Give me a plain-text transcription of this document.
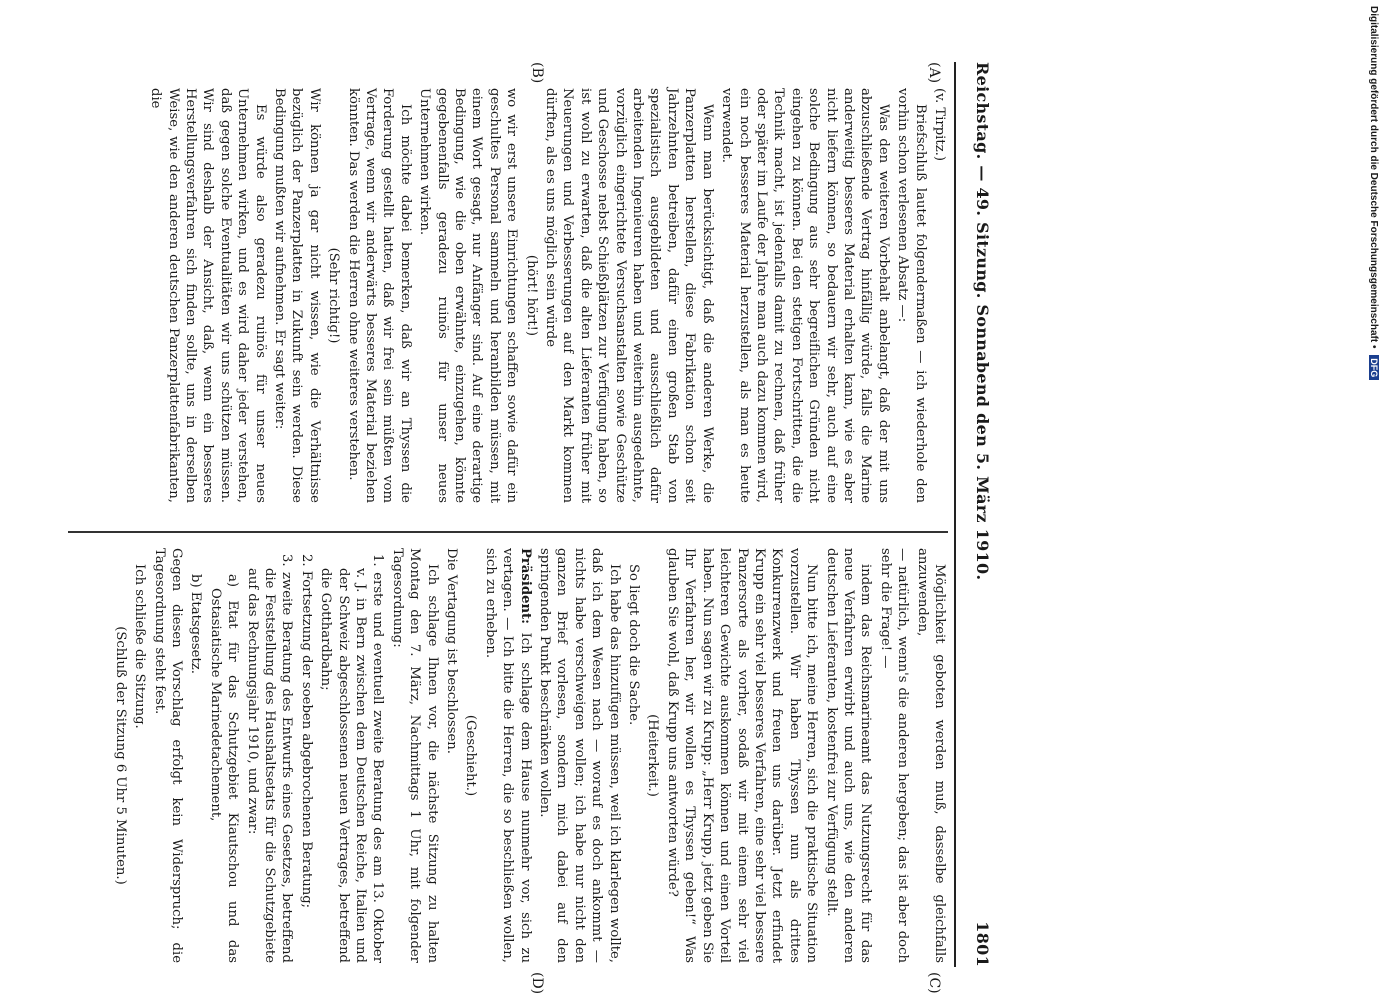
Reichstag. — 49. Sitzung. Sonnabend den 5. März 1910.
1801
(A)
(B)
(C)
(D)

(v. Tirpitz.)

Briefschluß lautet folgendermaßen — ich wiederhole den vorhin schon verlesenen Absatz —:

Was den weiteren Vorbehalt anbelangt, daß der mit uns abzuschließende Vertrag hinfällig würde, falls die Marine anderweitig besseres Material erhalten kann, wie es aber nicht liefern können, so bedauern wir sehr, auch auf eine solche Bedingung aus sehr begreiflichen Gründen nicht eingehen zu können. Bei den stetigen Fortschritten, die die Technik macht, ist jedenfalls damit zu rechnen, daß früher oder später im Laufe der Jahre man auch dazu kommen wird, ein noch besseres Material herzustellen, als man es heute verwendet.

Wenn man berücksichtigt, daß die anderen Werke, die Panzerplatten herstellen, diese Fabrikation schon seit Jahrzehnten betreiben, dafür einen großen Stab von spezialistisch ausgebildeten und ausschließlich dafür arbeitenden Ingenieuren haben und weiterhin ausgedehnte, vorzüglich eingerichtete Versuchsanstalten sowie Geschütze und Geschosse nebst Schießplätzen zur Verfügung haben, so ist wohl zu erwarten, daß die alten Lieferanten früher mit Neuerungen und Verbesserungen auf den Markt kommen dürften, als es uns möglich sein würde

(hört! hört!)

wo wir erst unsere Einrichtungen schaffen sowie dafür ein geschultes Personal sammeln und heranbilden müssen, mit einem Wort gesagt, nur Anfänger sind. Auf eine derartige Bedingung, wie die oben erwähnte, einzugehen, könnte gegebenenfalls geradezu ruinös für unser neues Unternehmen wirken.

Ich möchte dabei bemerken, daß wir an Thyssen die Forderung gestellt hatten, daß wir frei sein müßten vom Vertrage, wenn wir anderwärts besseres Material beziehen könnten. Das werden die Herren ohne weiteres verstehen.

(Sehr richtig!)

Wir können ja gar nicht wissen, wie die Verhältnisse bezüglich der Panzerplatten in Zukunft sein werden. Diese Bedingung mußten wir aufnehmen. Er sagt weiter:

Es würde also geradezu ruinös für unser neues Unternehmen wirken, und es wird daher jeder verstehen, daß gegen solche Eventualitäten wir uns schützen müssen. Wir sind deshalb der Ansicht, daß, wenn ein besseres Herstellungsverfahren sich finden sollte, uns in derselben Weise, wie den anderen deutschen Panzerplattenfabrikanten, die

Möglichkeit geboten werden muß, dasselbe gleichfalls anzuwenden,

— natürlich, wenn's die anderen hergeben; das ist aber doch sehr die Frage! —

indem das Reichsmarineamt das Nutzungsrecht für das neue Verfahren erwirbt und auch uns, wie den anderen deutschen Lieferanten, kostenfrei zur Verfügung stellt.

Nun bitte ich, meine Herren, sich die praktische Situation vorzustellen. Wir haben Thyssen nun als drittes Konkurrenzwerk und freuen uns darüber. Jetzt erfindet Krupp ein sehr viel besseres Verfahren, eine sehr viel bessere Panzersorte als vorher, sodaß wir mit einem sehr viel leichteren Gewichte auskommen können und einen Vorteil haben. Nun sagen wir zu Krupp: „Herr Krupp, jetzt geben Sie Ihr Verfahren her, wir wollen es Thyssen geben!“ Was glauben Sie wohl, daß Krupp uns antworten würde?

(Heiterkeit.)

So liegt doch die Sache.

Ich habe das hinzufügen müssen, weil ich klarlegen wollte, daß ich dem Wesen nach — worauf es doch ankommt — nichts habe verschweigen wollen; ich habe nur nicht den ganzen Brief vorlesen, sondern mich dabei auf den springenden Punkt beschränken wollen.

Präsident: Ich schlage dem Hause nunmehr vor, sich zu vertagen. — Ich bitte die Herren, die so beschließen wollen, sich zu erheben.

(Geschieht.)

Die Vertagung ist beschlossen.

Ich schlage Ihnen vor, die nächste Sitzung zu halten Montag den 7. März, Nachmittags 1 Uhr, mit folgender Tagesordnung:

1. erste und eventuell zweite Beratung des am 13. Oktober v. J. in Bern zwischen dem Deutschen Reiche, Italien und der Schweiz abgeschlossenen neuen Vertrages, betreffend die Gotthardbahn;

2. Fortsetzung der soeben abgebrochenen Beratung;

3. zweite Beratung des Entwurfs eines Gesetzes, betreffend die Feststellung des Haushaltsetats für die Schutzgebiete auf das Rechnungsjahr 1910, und zwar:

a) Etat für das Schutzgebiet Kiautschou und das Ostasiatische Marinedetachement,

b) Etatsgesetz.

Gegen diesen Vorschlag erfolgt kein Widerspruch; die Tagesordnung steht fest.

Ich schließe die Sitzung.

(Schluß der Sitzung 6 Uhr 5 Minuten.)

Digitalisierung gefördert durch die Deutsche Forschungsgemeinschaft • DFG
